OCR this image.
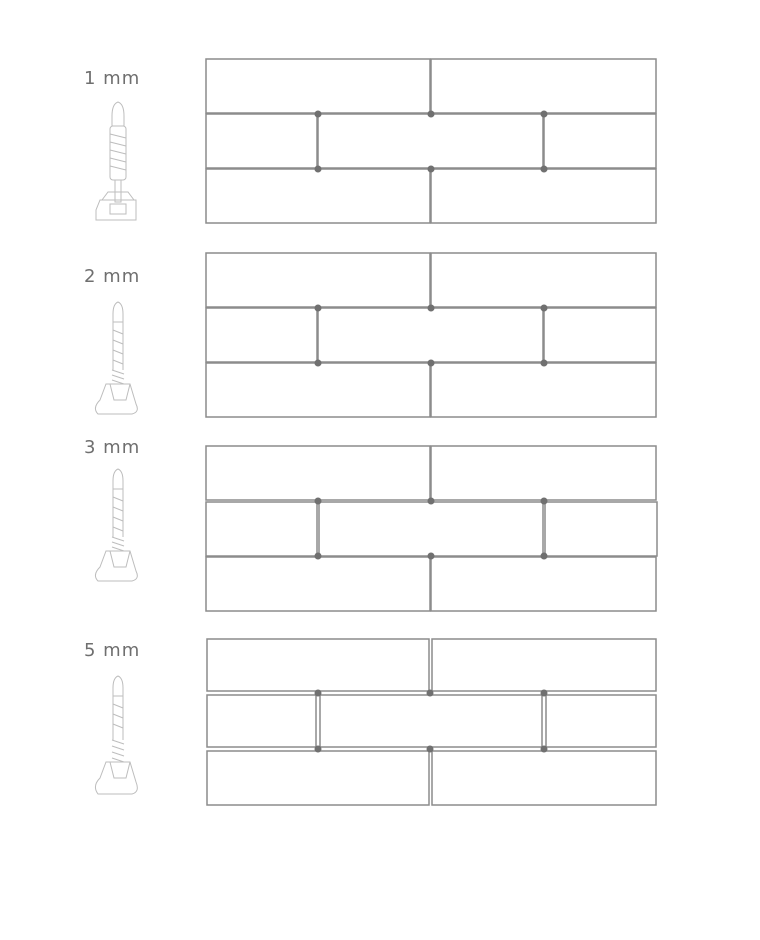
1 mm
2 mm
3 mm
5 mm
